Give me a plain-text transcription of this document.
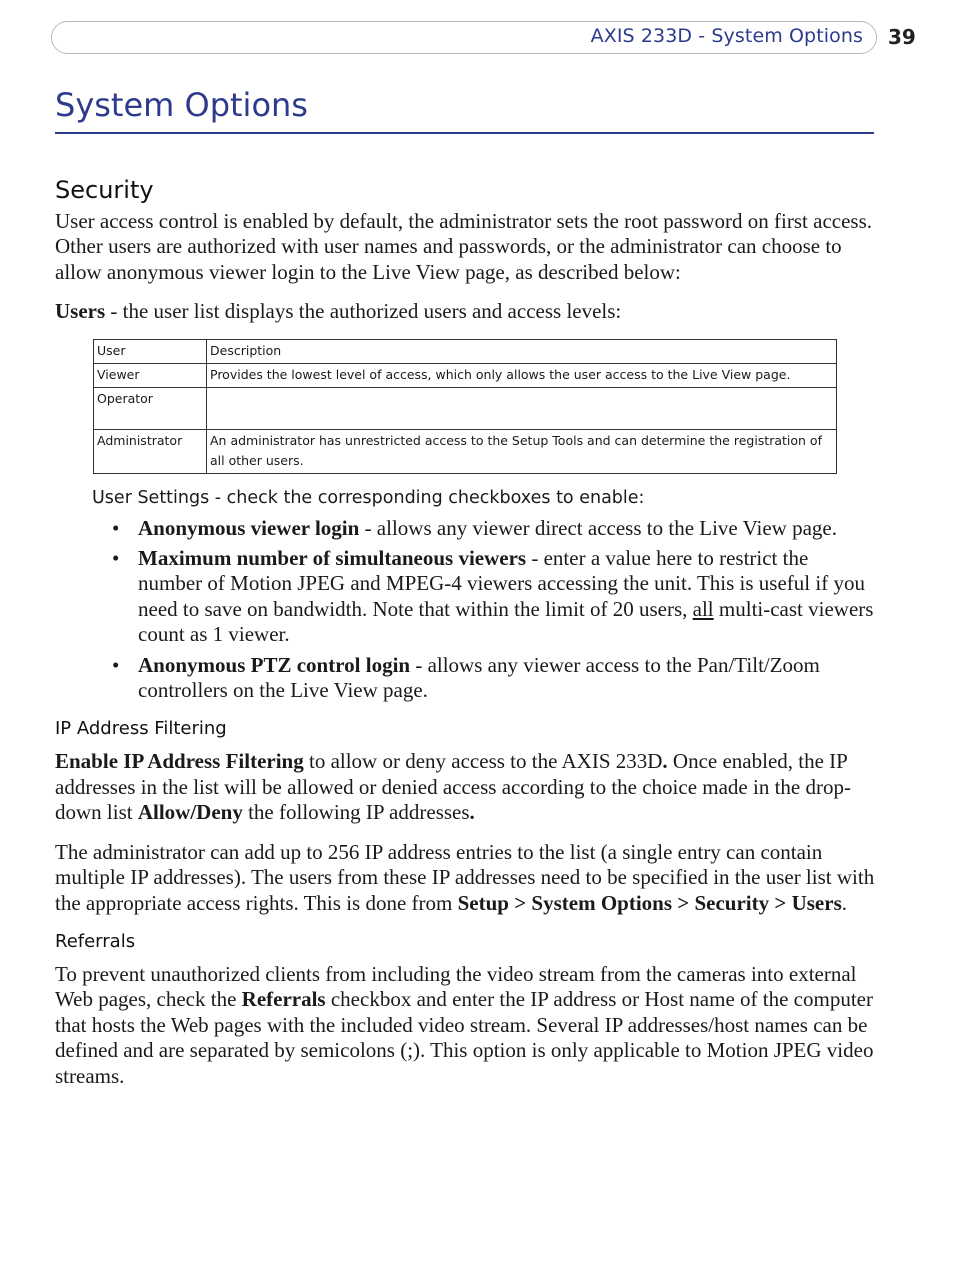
AXIS 233D - System Options 39
System Options
Security

User access control is enabled by default, the administrator sets the root password on first access. Other users are authorized with user names and passwords, or the administrator can choose to allow anonymous viewer login to the Live View page, as described below:

Users - the user list displays the authorized users and access levels:

User	Description
Viewer	Provides the lowest level of access, which only allows the user access to the Live View page.
Operator	
Administrator	An administrator has unrestricted access to the Setup Tools and can determine the registration of all other users.
User Settings - check the corresponding checkboxes to enable:
• Anonymous viewer login - allows any viewer direct access to the Live View page.
• Maximum number of simultaneous viewers - enter a value here to restrict the number of Motion JPEG and MPEG-4 viewers accessing the unit. This is useful if you need to save on bandwidth. Note that within the limit of 20 users, all multi-cast viewers count as 1 viewer.
• Anonymous PTZ control login - allows any viewer access to the Pan/Tilt/Zoom controllers on the Live View page.
IP Address Filtering

Enable IP Address Filtering to allow or deny access to the AXIS 233D. Once enabled, the IP addresses in the list will be allowed or denied access according to the choice made in the drop-down list Allow/Deny the following IP addresses.

The administrator can add up to 256 IP address entries to the list (a single entry can contain multiple IP addresses). The users from these IP addresses need to be specified in the user list with the appropriate access rights. This is done from Setup > System Options > Security > Users.

Referrals

To prevent unauthorized clients from including the video stream from the cameras into external Web pages, check the Referrals checkbox and enter the IP address or Host name of the computer that hosts the Web pages with the included video stream. Several IP addresses/host names can be defined and are separated by semicolons (;). This option is only applicable to Motion JPEG video streams.
